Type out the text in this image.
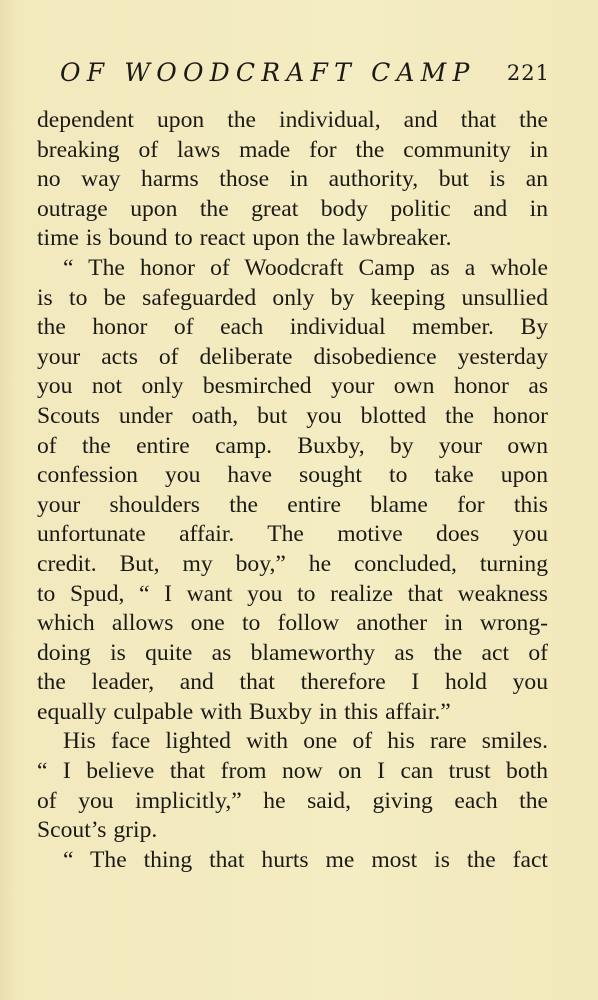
OF WOODCRAFT CAMP 221
dependent upon the individual, and that the
breaking of laws made for the community in
no way harms those in authority, but is an
outrage upon the great body politic and in
time is bound to react upon the lawbreaker.
“ The honor of Woodcraft Camp as a whole
is to be safeguarded only by keeping unsullied
the honor of each individual member. By
your acts of deliberate disobedience yesterday
you not only besmirched your own honor as
Scouts under oath, but you blotted the honor
of the entire camp. Buxby, by your own
confession you have sought to take upon
your shoulders the entire blame for this
unfortunate affair. The motive does you
credit. But, my boy,” he concluded, turning
to Spud, “ I want you to realize that weakness
which allows one to follow another in wrong-
doing is quite as blameworthy as the act of
the leader, and that therefore I hold you
equally culpable with Buxby in this affair.”
His face lighted with one of his rare smiles.
“ I believe that from now on I can trust both
of you implicitly,” he said, giving each the
Scout’s grip.
“ The thing that hurts me most is the fact
